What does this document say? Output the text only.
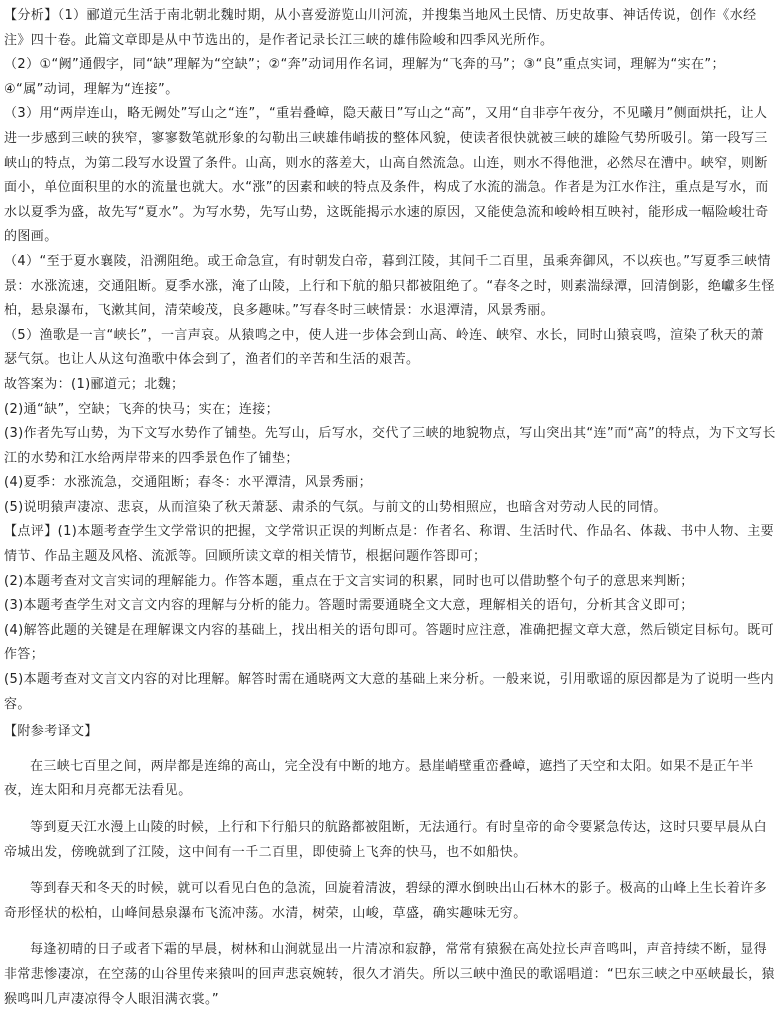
【分析】（1）郦道元生活于南北朝北魏时期，从小喜爱游览山川河流，并搜集当地风土民情、历史故事、神话传说，创作《水经注》四十卷。此篇文章即是从中节选出的，是作者记录长江三峡的雄伟险峻和四季风光所作。

（2）①“阙”通假字，同“缺”理解为“空缺”；②“奔”动词用作名词，理解为“飞奔的马”；③“良”重点实词，理解为“实在”；④“属”动词，理解为“连接”。

（3）用“两岸连山，略无阙处”写山之“连”，“重岩叠嶂，隐天蔽日”写山之“高”，又用“自非亭午夜分，不见曦月”侧面烘托，让人进一步感到三峡的狭窄，寥寥数笔就形象的勾勒出三峡雄伟峭拔的整体风貌，使读者很快就被三峡的雄险气势所吸引。第一段写三峡山的特点，为第二段写水设置了条件。山高，则水的落差大，山高自然流急。山连，则水不得他泄，必然尽在漕中。峡窄，则断面小，单位面积里的水的流量也就大。水“涨”的因素和峡的特点及条件，构成了水流的湍急。作者是为江水作注，重点是写水，而水以夏季为盛，故先写“夏水”。为写水势，先写山势，这既能揭示水速的原因，又能使急流和峻岭相互映衬，能形成一幅险峻壮奇的图画。

（4）“至于夏水襄陵，沿溯阻绝。或王命急宣，有时朝发白帝，暮到江陵，其间千二百里，虽乘奔御风，不以疾也。”写夏季三峡情景：水涨流速，交通阻断。夏季水涨，淹了山陵，上行和下航的船只都被阻绝了。“春冬之时，则素湍绿潭，回清倒影，绝巘多生怪柏，悬泉瀑布，飞漱其间，清荣峻茂，良多趣味。”写春冬时三峡情景：水退潭清，风景秀丽。

（5）渔歌是一言“峡长”，一言声哀。从猿鸣之中，使人进一步体会到山高、岭连、峡窄、水长，同时山猿哀鸣，渲染了秋天的萧瑟气氛。也让人从这句渔歌中体会到了，渔者们的辛苦和生活的艰苦。

故答案为：(1)郦道元；北魏；

(2)通“缺”，空缺；飞奔的快马；实在；连接；

(3)作者先写山势，为下文写水势作了铺垫。先写山，后写水，交代了三峡的地貌物点，写山突出其“连”而“高”的特点，为下文写长江的水势和江水给两岸带来的四季景色作了铺垫；

(4)夏季：水涨流急，交通阻断；春冬：水平潭清，风景秀丽；

(5)说明猿声凄凉、悲哀，从而渲染了秋天萧瑟、肃杀的气氛。与前文的山势相照应，也暗含对劳动人民的同情。

【点评】(1)本题考查学生文学常识的把握，文学常识正误的判断点是：作者名、称谓、生活时代、作品名、体裁、书中人物、主要情节、作品主题及风格、流派等。回顾所读文章的相关情节，根据问题作答即可；

(2)本题考查对文言实词的理解能力。作答本题，重点在于文言实词的积累，同时也可以借助整个句子的意思来判断；

(3)本题考查学生对文言文内容的理解与分析的能力。答题时需要通晓全文大意，理解相关的语句，分析其含义即可；

(4)解答此题的关键是在理解课文内容的基础上，找出相关的语句即可。答题时应注意，准确把握文章大意，然后锁定目标句。既可作答；

(5)本题考查对文言文内容的对比理解。解答时需在通晓两文大意的基础上来分析。一般来说，引用歌谣的原因都是为了说明一些内容。

【附参考译文】

在三峡七百里之间，两岸都是连绵的高山，完全没有中断的地方。悬崖峭壁重峦叠嶂，遮挡了天空和太阳。如果不是正午半夜，连太阳和月亮都无法看见。

等到夏天江水漫上山陵的时候，上行和下行船只的航路都被阻断，无法通行。有时皇帝的命令要紧急传达，这时只要早晨从白帝城出发，傍晚就到了江陵，这中间有一千二百里，即使骑上飞奔的快马，也不如船快。

等到春天和冬天的时候，就可以看见白色的急流，回旋着清波，碧绿的潭水倒映出山石林木的影子。极高的山峰上生长着许多奇形怪状的松柏，山峰间悬泉瀑布飞流冲荡。水清，树荣，山峻，草盛，确实趣味无穷。

每逢初晴的日子或者下霜的早晨，树林和山涧就显出一片清凉和寂静，常常有猿猴在高处拉长声音鸣叫，声音持续不断，显得非常悲惨凄凉，在空荡的山谷里传来猿叫的回声悲哀婉转，很久才消失。所以三峡中渔民的歌谣唱道：“巴东三峡之中巫峡最长，猿猴鸣叫几声凄凉得令人眼泪满衣裳。”
